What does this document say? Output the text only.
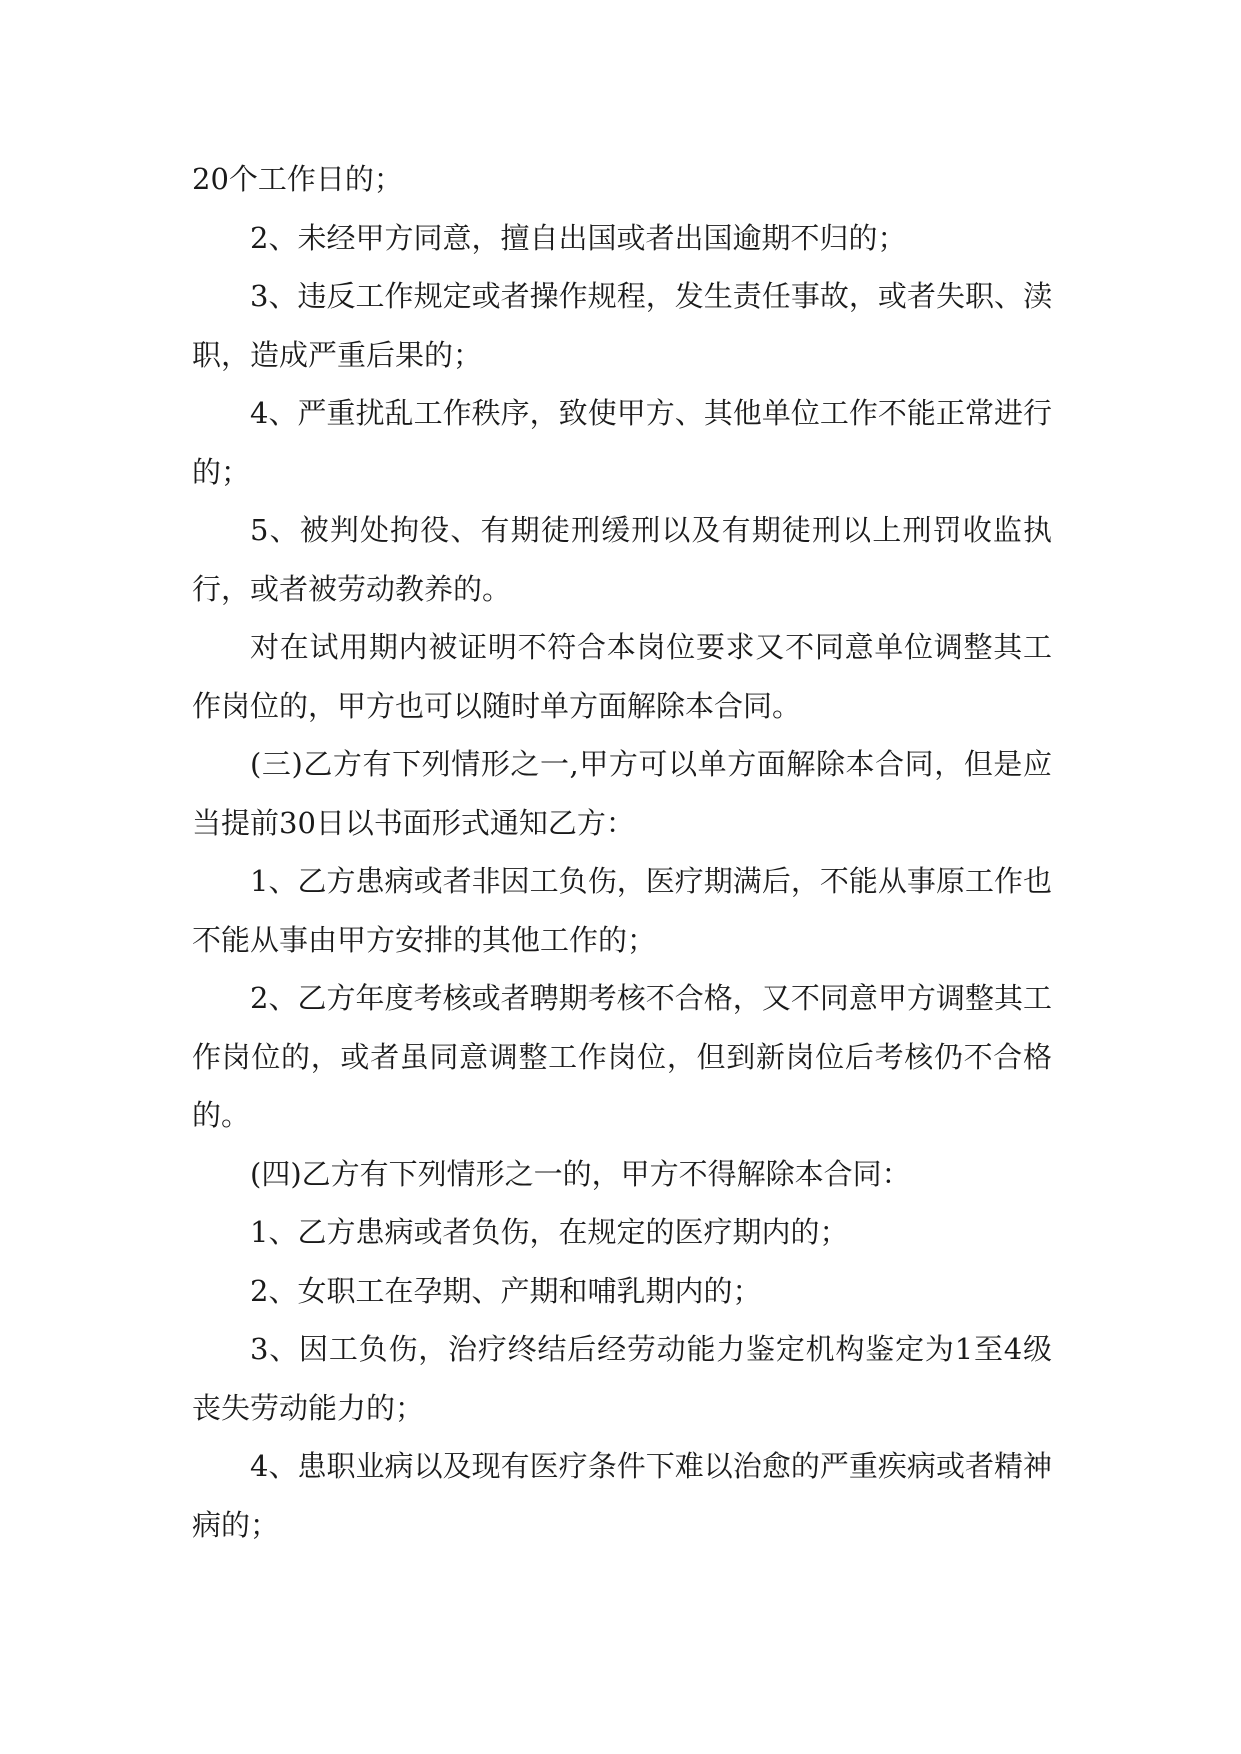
20个工作日的；

2、未经甲方同意，擅自出国或者出国逾期不归的；

3、违反工作规定或者操作规程，发生责任事故，或者失职、渎职，造成严重后果的；

4、严重扰乱工作秩序，致使甲方、其他单位工作不能正常进行的；

5、被判处拘役、有期徒刑缓刑以及有期徒刑以上刑罚收监执行，或者被劳动教养的。

对在试用期内被证明不符合本岗位要求又不同意单位调整其工作岗位的，甲方也可以随时单方面解除本合同。

(三)乙方有下列情形之一,甲方可以单方面解除本合同，但是应当提前30日以书面形式通知乙方：

1、乙方患病或者非因工负伤，医疗期满后，不能从事原工作也不能从事由甲方安排的其他工作的；

2、乙方年度考核或者聘期考核不合格，又不同意甲方调整其工作岗位的，或者虽同意调整工作岗位，但到新岗位后考核仍不合格的。

(四)乙方有下列情形之一的，甲方不得解除本合同：

1、乙方患病或者负伤，在规定的医疗期内的；

2、女职工在孕期、产期和哺乳期内的；

3、因工负伤，治疗终结后经劳动能力鉴定机构鉴定为1至4级丧失劳动能力的；

4、患职业病以及现有医疗条件下难以治愈的严重疾病或者精神病的；
